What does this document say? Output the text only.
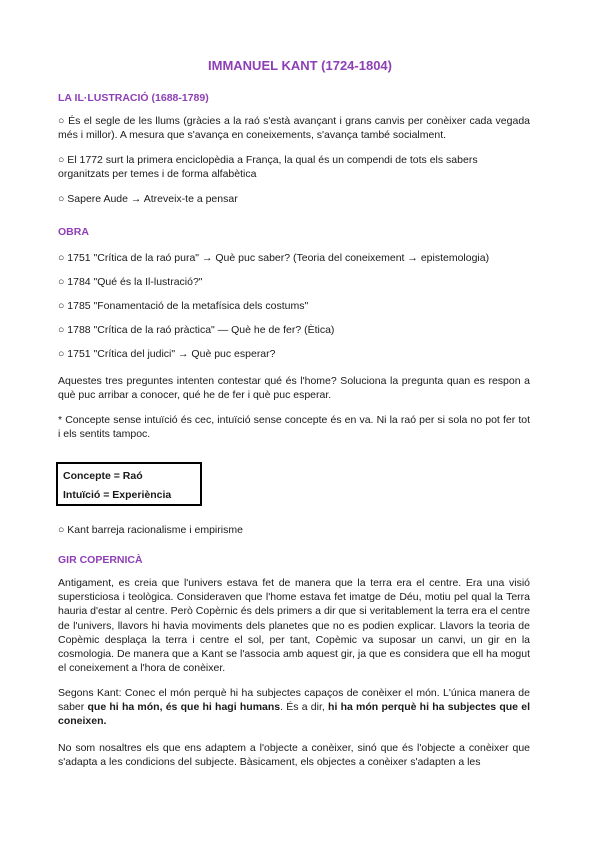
IMMANUEL KANT (1724-1804)
LA IL·LUSTRACIÓ (1688-1789)

○ És el segle de les llums (gràcies a la raó s'està avançant i grans canvis per conèixer cada vegada més i millor). A mesura que s'avança en coneixements, s'avança també socialment.

○ El 1772 surt la primera enciclopèdia a França, la qual és un compendi de tots els sabers organitzats per temes i de forma alfabètica

○ Sapere Aude → Atreveix-te a pensar

OBRA

○ 1751 "Crítica de la raó pura" → Què puc saber? (Teoria del coneixement → epistemologia)

○ 1784 "Qué és la Il-lustració?"

○ 1785 "Fonamentació de la metafísica dels costums"

○ 1788 "Crítica de la raó pràctica" — Què he de fer? (Ètica)

○ 1751 "Crítica del judici" → Què puc esperar?

Aquestes tres preguntes intenten contestar qué és l'home? Soluciona la pregunta quan es respon a què puc arribar a conocer, qué he de fer i què puc esperar.

* Concepte sense intuïció és cec, intuïció sense concepte és en va. Ni la raó per si sola no pot fer tot i els sentits tampoc.

Concepte = Raó

Intuïció = Experiència

○ Kant barreja racionalisme i empirisme

GIR COPERNICÀ

Antigament, es creia que l'univers estava fet de manera que la terra era el centre. Era una visió supersticiosa i teològica. Consideraven que l'home estava fet imatge de Déu, motiu pel qual la Terra hauria d'estar al centre. Però Copèrnic és dels primers a dir que si veritablement la terra era el centre de l'univers, llavors hi havia moviments dels planetes que no es podien explicar. Llavors la teoria de Copèmic desplaça la terra i centre el sol, per tant, Copèmic va suposar un canvi, un gir en la cosmologia. De manera que a Kant se l'associa amb aquest gir, ja que es considera que ell ha mogut el coneixement a l'hora de conèixer.

Segons Kant: Conec el món perquè hi ha subjectes capaços de conèixer el món. L'única manera de saber que hi ha món, és que hi hagi humans. És a dir, hi ha món perquè hi ha subjectes que el coneixen.

No som nosaltres els que ens adaptem a l'objecte a conèixer, sinó que és l'objecte a conèixer que s'adapta a les condicions del subjecte. Bàsicament, els objectes a conèixer s'adapten a les
